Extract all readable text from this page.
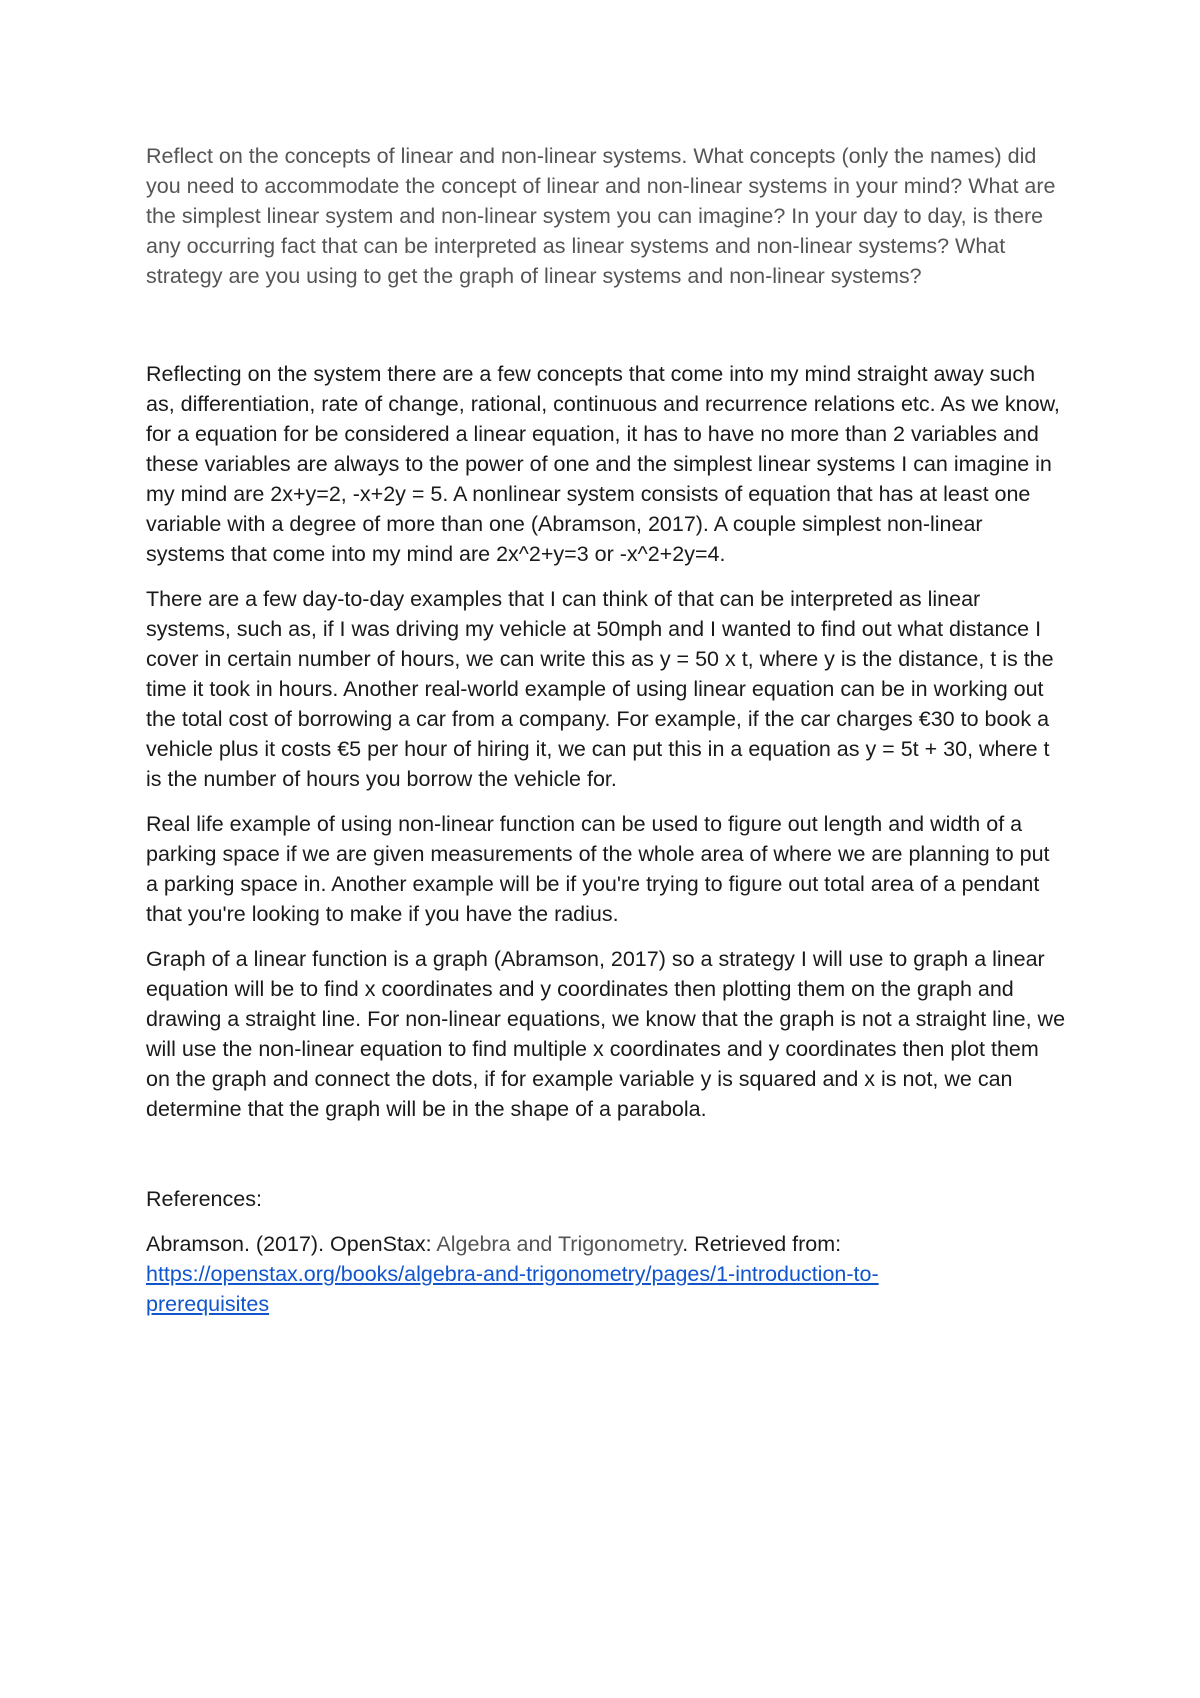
Reflect on the concepts of linear and non-linear systems. What concepts (only the names) did you need to accommodate the concept of linear and non-linear systems in your mind? What are the simplest linear system and non-linear system you can imagine? In your day to day, is there any occurring fact that can be interpreted as linear systems and non-linear systems? What strategy are you using to get the graph of linear systems and non-linear systems?

Reflecting on the system there are a few concepts that come into my mind straight away such as, differentiation, rate of change, rational, continuous and recurrence relations etc. As we know, for a equation for be considered a linear equation, it has to have no more than 2 variables and these variables are always to the power of one and the simplest linear systems I can imagine in my mind are 2x+y=2, -x+2y = 5. A nonlinear system consists of equation that has at least one variable with a degree of more than one (Abramson, 2017). A couple simplest non-linear systems that come into my mind are 2x^2+y=3 or -x^2+2y=4.

There are a few day-to-day examples that I can think of that can be interpreted as linear systems, such as, if I was driving my vehicle at 50mph and I wanted to find out what distance I cover in certain number of hours, we can write this as y = 50 x t, where y is the distance, t is the time it took in hours. Another real-world example of using linear equation can be in working out the total cost of borrowing a car from a company. For example, if the car charges €30 to book a vehicle plus it costs €5 per hour of hiring it, we can put this in a equation as y = 5t + 30, where t is the number of hours you borrow the vehicle for.

Real life example of using non-linear function can be used to figure out length and width of a parking space if we are given measurements of the whole area of where we are planning to put a parking space in. Another example will be if you're trying to figure out total area of a pendant that you're looking to make if you have the radius.

Graph of a linear function is a graph (Abramson, 2017) so a strategy I will use to graph a linear equation will be to find x coordinates and y coordinates then plotting them on the graph and drawing a straight line. For non-linear equations, we know that the graph is not a straight line, we will use the non-linear equation to find multiple x coordinates and y coordinates then plot them on the graph and connect the dots, if for example variable y is squared and x is not, we can determine that the graph will be in the shape of a parabola.

References:

Abramson. (2017). OpenStax: Algebra and Trigonometry. Retrieved from:
https://openstax.org/books/algebra-and-trigonometry/pages/1-introduction-to-
prerequisites
